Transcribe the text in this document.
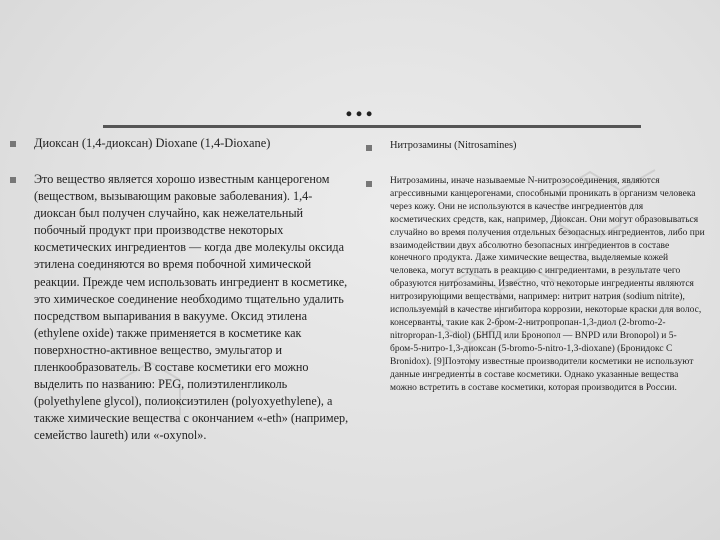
…
Диоксан (1,4-диоксан) Dioxane (1,4-Dioxane)
Это вещество является хорошо известным канцерогеном (веществом, вызывающим раковые заболевания). 1,4-диоксан был получен случайно, как нежелательный побочный продукт при производстве некоторых косметических ингредиентов — когда две молекулы оксида этилена соединяются во время побочной химической реакции. Прежде чем использовать ингредиент в косметике, это химическое соединение необходимо тщательно удалить посредством выпаривания в вакууме. Оксид этилена (ethylene oxide) также применяется в косметике как поверхностно-активное вещество, эмульгатор и пленкообразователь. В составе косметики его можно выделить по названию: PEG, полиэтиленгликоль (polyethylene glycol), полиоксиэтилен (polyoxyethylene), а также химические вещества с окончанием «-eth» (например, семейство laureth) или «-oxynol».
Нитрозамины (Nitrosamines)
Нитрозамины, иначе называемые N-нитрозосоединения, являются агрессивными канцерогенами, способными проникать в организм человека через кожу. Они не используются в качестве ингредиентов для косметических средств, как, например, Диоксан. Они могут образовываться случайно во время получения отдельных безопасных ингредиентов, либо при взаимодействии двух абсолютно безопасных ингредиентов в составе конечного продукта. Даже химические вещества, выделяемые кожей человека, могут вступать в реакцию с ингредиентами, в результате чего образуются нитрозамины. Известно, что некоторые ингредиенты являются нитрозирующими веществами, например: нитрит натрия (sodium nitrite), используемый в качестве ингибитора коррозии, некоторые краски для волос, консерванты, такие как 2-бром-2-нитропропан-1,3-диол (2-bromo-2-nitropropan-1,3-diol) (БНПД или Бронопол — BNPD или Bronopol) и 5-бром-5-нитро-1,3-диоксан (5-bromo-5-nitro-1,3-dioxane) (Бронидокс С Bronidox). [9]Поэтому известные производители косметики не используют данные ингредиенты в составе косметики. Однако указанные вещества можно встретить в составе косметики, которая производится в России.
